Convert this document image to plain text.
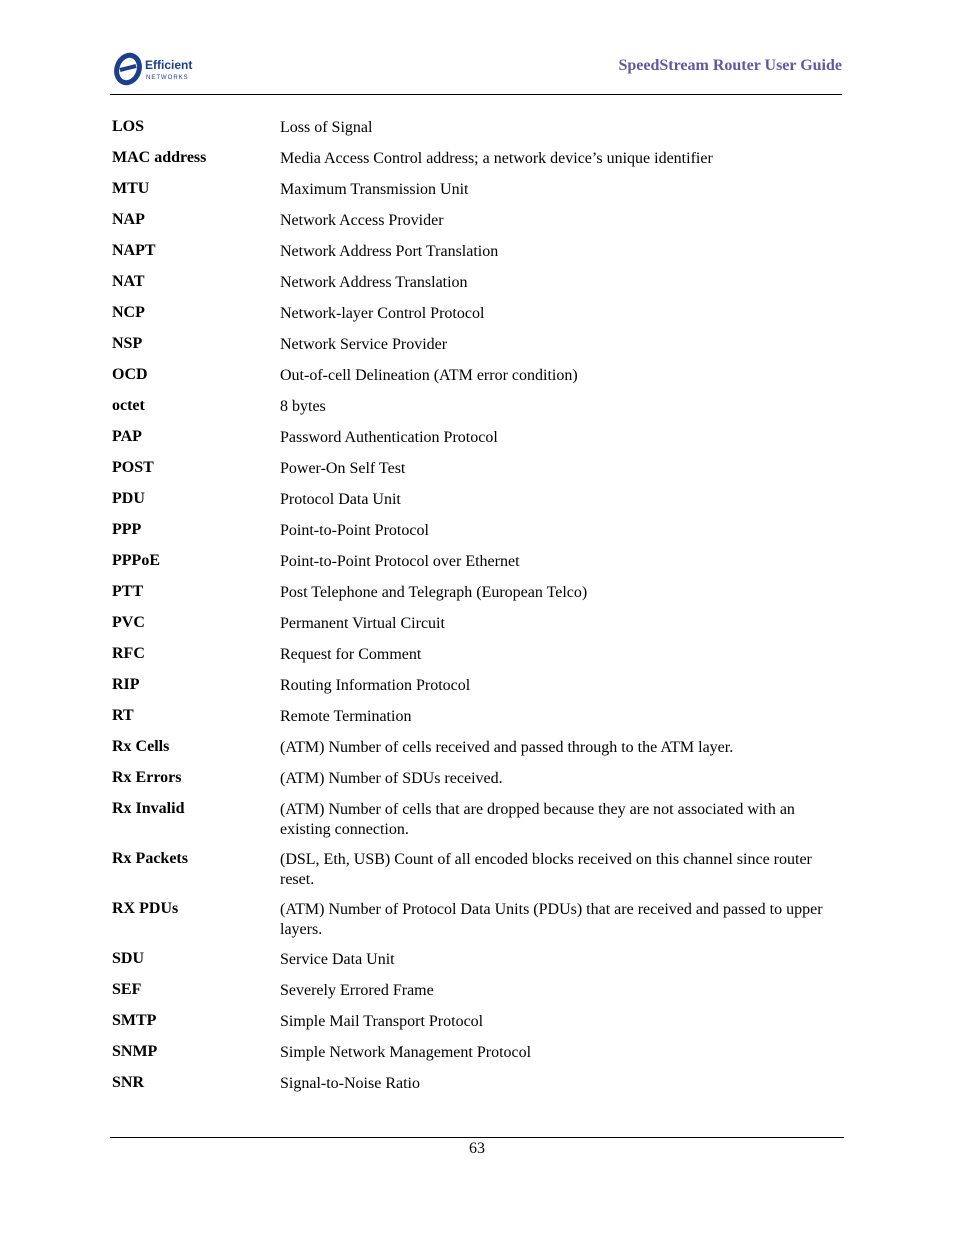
Efficient
NETWORKS
SpeedStream Router User Guide
LOS	Loss of Signal
MAC address	Media Access Control address; a network device’s unique identifier
MTU	Maximum Transmission Unit
NAP	Network Access Provider
NAPT	Network Address Port Translation
NAT	Network Address Translation
NCP	Network-layer Control Protocol
NSP	Network Service Provider
OCD	Out-of-cell Delineation (ATM error condition)
octet	8 bytes
PAP	Password Authentication Protocol
POST	Power-On Self Test
PDU	Protocol Data Unit
PPP	Point-to-Point Protocol
PPPoE	Point-to-Point Protocol over Ethernet
PTT	Post Telephone and Telegraph (European Telco)
PVC	Permanent Virtual Circuit
RFC	Request for Comment
RIP	Routing Information Protocol
RT	Remote Termination
Rx Cells	(ATM) Number of cells received and passed through to the ATM layer.
Rx Errors	(ATM) Number of SDUs received.
Rx Invalid	(ATM) Number of cells that are dropped because they are not associated with an existing connection.
Rx Packets	(DSL, Eth, USB) Count of all encoded blocks received on this channel since router reset.
RX PDUs	(ATM) Number of Protocol Data Units (PDUs) that are received and passed to upper layers.
SDU	Service Data Unit
SEF	Severely Errored Frame
SMTP	Simple Mail Transport Protocol
SNMP	Simple Network Management Protocol
SNR	Signal-to-Noise Ratio
63
